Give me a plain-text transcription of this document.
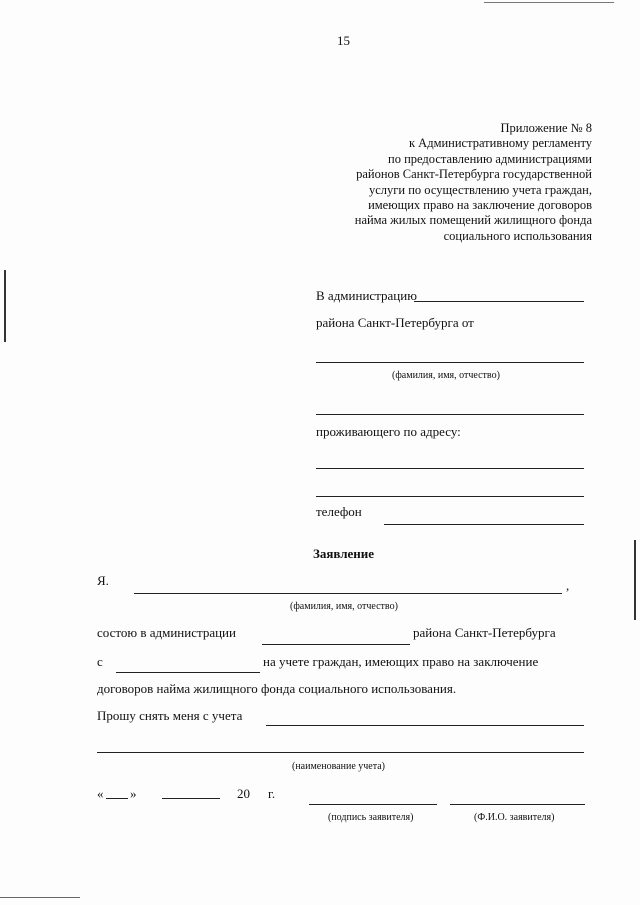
15
Приложение № 8
к Административному регламенту
по предоставлению администрациями
районов Санкт-Петербурга государственной
услуги по осуществлению учета граждан,
имеющих право на заключение договоров
найма жилых помещений жилищного фонда
социального использования
В администрацию
района Санкт-Петербурга от
(фамилия, имя, отчество)
проживающего по адресу:
телефон
Заявление
Я.	,
(фамилия, имя, отчество)
состою в администрации	района Санкт-Петербурга
с	на учете граждан, имеющих право на заключение
договоров найма жилищного фонда социального использования.
Прошу снять меня с учета
(наименование учета)
« »	20 г.
(подпись заявителя)	(Ф.И.О. заявителя)
